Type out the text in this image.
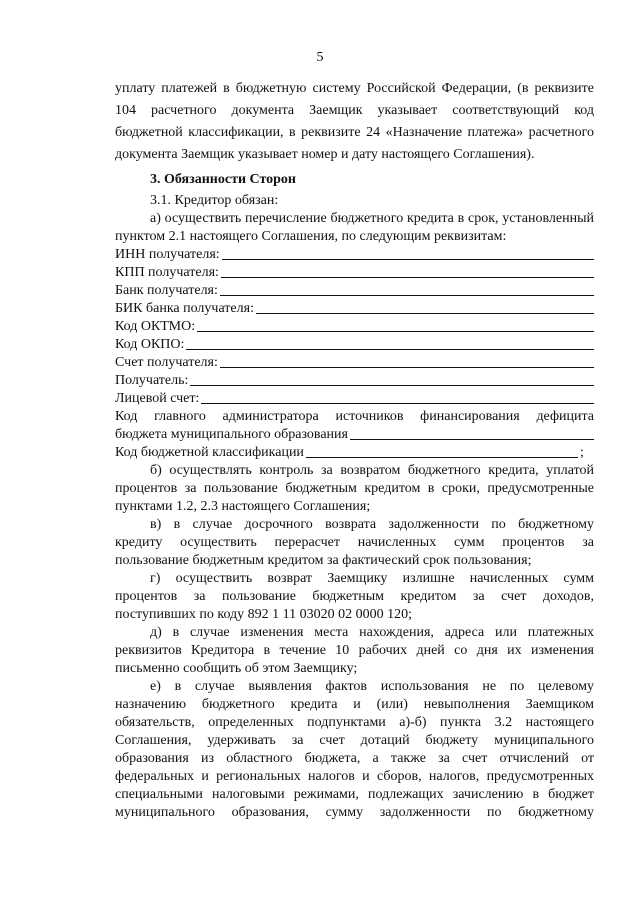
5
уплату платежей в бюджетную систему Российской Федерации, (в реквизите
104 расчетного документа Заемщик указывает соответствующий код
бюджетной классификации, в реквизите 24 «Назначение платежа» расчетного
документа Заемщик указывает номер и дату настоящего Соглашения).
3. Обязанности Сторон
3.1. Кредитор обязан:
а) осуществить перечисление бюджетного кредита в срок, установленный
пунктом 2.1 настоящего Соглашения, по следующим реквизитам:
ИНН получателя:
КПП получателя:
Банк получателя:
БИК банка получателя:
Код ОКТМО:
Код ОКПО:
Счет получателя:
Получатель:
Лицевой счет:
Код главного администратора источников финансирования дефицита
бюджета муниципального образования
Код бюджетной классификации	;
б) осуществлять контроль за возвратом бюджетного кредита, уплатой
процентов за пользование бюджетным кредитом в сроки, предусмотренные
пунктами 1.2, 2.3 настоящего Соглашения;
в) в случае досрочного возврата задолженности по бюджетному
кредиту осуществить перерасчет начисленных сумм процентов за
пользование бюджетным кредитом за фактический срок пользования;
г) осуществить возврат Заемщику излишне начисленных сумм
процентов за пользование бюджетным кредитом за счет доходов,
поступивших по коду 892 1 11 03020 02 0000 120;
д) в случае изменения места нахождения, адреса или платежных
реквизитов Кредитора в течение 10 рабочих дней со дня их изменения
письменно сообщить об этом Заемщику;
е) в случае выявления фактов использования не по целевому
назначению бюджетного кредита и (или) невыполнения Заемщиком
обязательств, определенных подпунктами а)-б) пункта 3.2 настоящего
Соглашения, удерживать за счет дотаций бюджету муниципального
образования из областного бюджета, а также за счет отчислений от
федеральных и региональных налогов и сборов, налогов, предусмотренных
специальными налоговыми режимами, подлежащих зачислению в бюджет
муниципального образования, сумму задолженности по бюджетному
